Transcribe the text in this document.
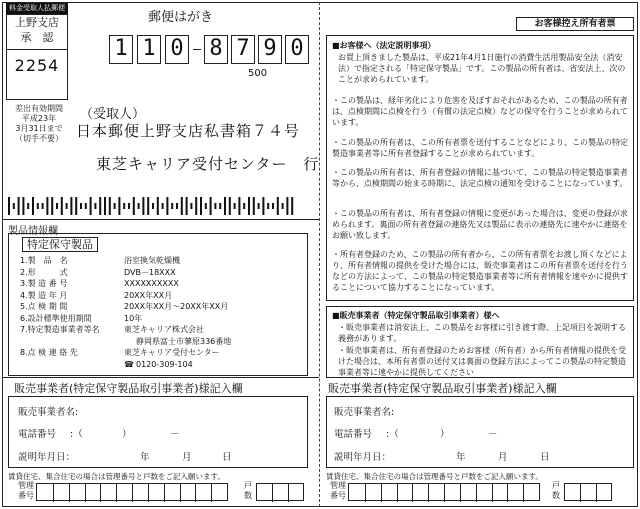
料金受取人払郵便
上野支店
承　認
2254
差出有効期間
平成23年
3月31日まで
（切手不要）
郵便はがき
1 1 0 8 7 9 0
500
（受取人）
日本郵便上野支店私書箱７４号
東芝キャリア受付センター　行
製品情報欄
特定保守製品
1.製　品　名	浴室換気乾燥機
2.形　　　式	DVB－18XXX
3.製 造 番 号	XXXXXXXXXX
4.製 造 年 月	20XX年XX月
5.点 検 期 間	20XX年XX月～20XX年XX月
6.設計標準使用期間	10年
7.特定製造事業者等名	東芝キャリア株式会社
静岡県富士市蓼原336番地
8.点 検 連 絡 先	東芝キャリア受付センター
☎ 0120-309-104
販売事業者(特定保守製品取引事業者)様記入欄
販売事業者名:
電話番号 :（	）	－
説明年月日：	年	月	日
賃貸住宅、集合住宅の場合は管理番号と戸数をご記入願います。
管理
番号
戸
数
お客様控え所有者票
■お客様へ（法定説明事項）
お買上頂きました製品は、平成21年4月1日施行の消費生活用製品安全法（消安法）で指定される「特定保守製品」です。この製品の所有者は、省安法上、次のことが求められています。
・この製品は、経年劣化により危害を及ぼすおそれがあるため、この製品の所有者は、点検期間に点検を行う（有償の法定点検）などの保守を行うことが求められています。
・この製品の所有者は、この所有者票を送付することなどにより、この製品の特定製造事業者等に所有者登録することが求められています。
・この製品の所有者は、所有者登録の情報に基づいて、この製品の特定製造事業者等から、点検期間の始まる時期に、法定点検の通知を受けることになっています。
・この製品の所有者は、所有者登録の情報に変更があった場合は、変更の登録が求められます。裏面の所有者登録の連絡先又は製品に表示の連絡先に速やかに連絡をお願い致します。
・所有者登録のため、この製品の所有者から、この所有者票をお渡し頂くなどにより、所有者情報の提供を受けた場合には、販売事業者はこの所有者票を送付を行うなどの方法によって、この製品の特定製造事業者等に所有者情報を速やかに提供することについて協力することになっています。
■販売事業者（特定保守製品取引事業者）様へ
・販売事業者は消安法上、この製品をお客様に引き渡す際、上記項目を説明する義務があります。
・販売事業者は、所有者登録のためお客様（所有者）から所有者情報の提供を受けた場合は、本所有者票の送付又は裏面の登録方法によってこの製品の特定製造事業者等に速やかに提供してください
販売事業者(特定保守製品取引事業者)様記入欄
販売事業者名:
電話番号 :（	）	－
説明年月日：	年	月	日
賃貸住宅、集合住宅の場合は管理番号と戸数をご記入願います。
管理
番号
戸
数
